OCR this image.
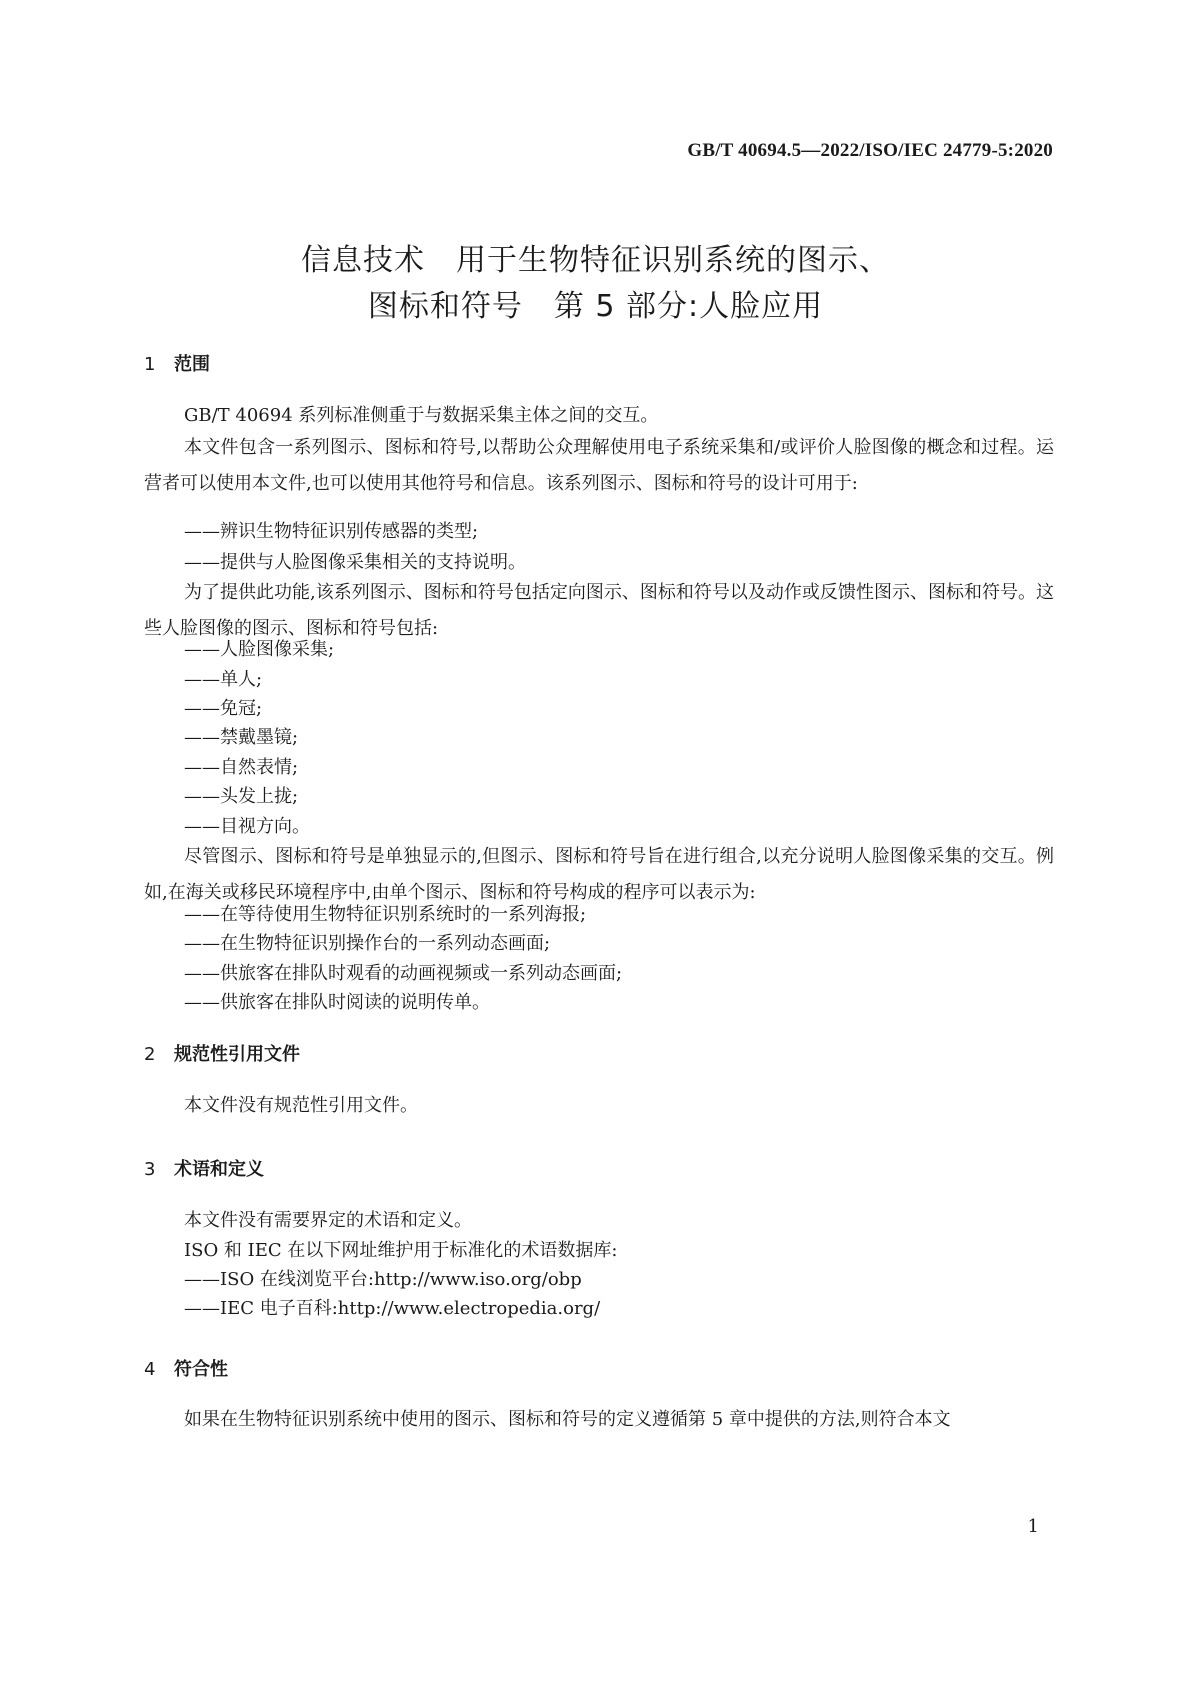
GB/T 40694.5—2022/ISO/IEC 24779-5:2020
信息技术　用于生物特征识别系统的图示、
图标和符号　第 5 部分:人脸应用
1 范围

GB/T 40694 系列标准侧重于与数据采集主体之间的交互。

本文件包含一系列图示、图标和符号,以帮助公众理解使用电子系统采集和/或评价人脸图像的概念和过程。运营者可以使用本文件,也可以使用其他符号和信息。该系列图示、图标和符号的设计可用于:

——辨识生物特征识别传感器的类型;
——提供与人脸图像采集相关的支持说明。

为了提供此功能,该系列图示、图标和符号包括定向图示、图标和符号以及动作或反馈性图示、图标和符号。这些人脸图像的图示、图标和符号包括:

——人脸图像采集;
——单人;
——免冠;
——禁戴墨镜;
——自然表情;
——头发上拢;
——目视方向。

尽管图示、图标和符号是单独显示的,但图示、图标和符号旨在进行组合,以充分说明人脸图像采集的交互。例如,在海关或移民环境程序中,由单个图示、图标和符号构成的程序可以表示为:

——在等待使用生物特征识别系统时的一系列海报;
——在生物特征识别操作台的一系列动态画面;
——供旅客在排队时观看的动画视频或一系列动态画面;
——供旅客在排队时阅读的说明传单。
2 规范性引用文件

本文件没有规范性引用文件。

3 术语和定义

本文件没有需要界定的术语和定义。

ISO 和 IEC 在以下网址维护用于标准化的术语数据库:

——ISO 在线浏览平台:http://www.iso.org/obp
——IEC 电子百科:http://www.electropedia.org/
4 符合性

如果在生物特征识别系统中使用的图示、图标和符号的定义遵循第 5 章中提供的方法,则符合本文

1
